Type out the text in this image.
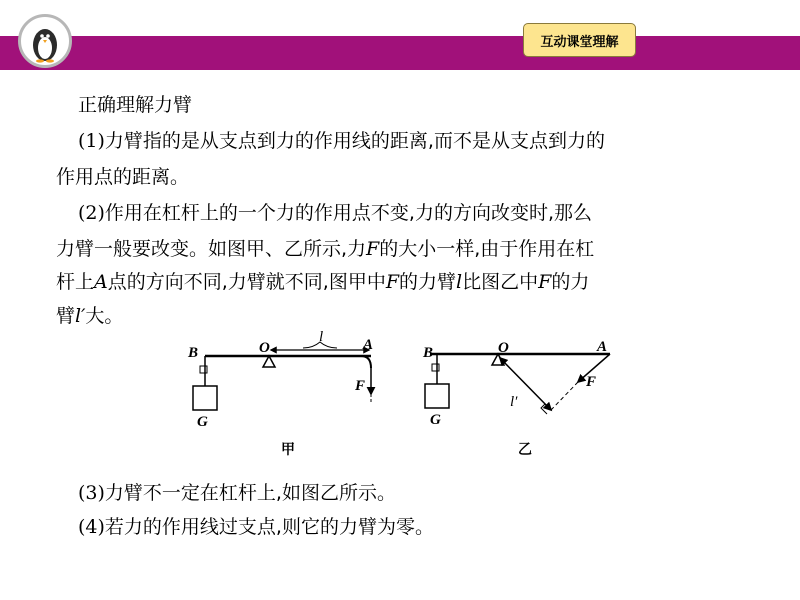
互动课堂理解

正确理解力臂

(1)力臂指的是从支点到力的作用线的距离,而不是从支点到力的

作用点的距离。

(2)作用在杠杆上的一个力的作用点不变,力的方向改变时,那么

力臂一般要改变。如图甲、乙所示,力F的大小一样,由于作用在杠

杆上A点的方向不同,力臂就不同,图甲中F的力臂l比图乙中F的力

臂l′大。

B	O
l	A
F
G
B	O	A
F
l′
G
甲	乙

(3)力臂不一定在杠杆上,如图乙所示。

(4)若力的作用线过支点,则它的力臂为零。
